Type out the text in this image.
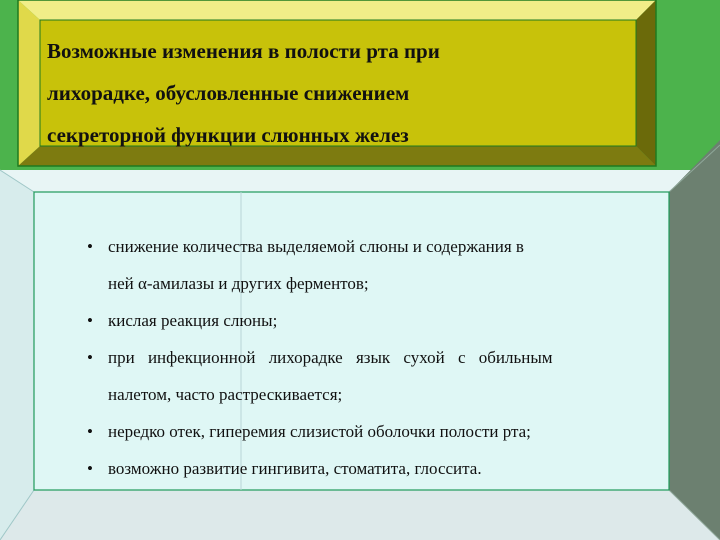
Возможные изменения в полости рта при
лихорадке, обусловленные снижением
секреторной функции слюнных желез
• снижение количества выделяемой слюны и содержания в
ней α-амилазы и других ферментов;
• кислая реакция слюны;
• при инфекционной лихорадке язык сухой с обильным
налетом, часто растрескивается;
• нередко отек, гиперемия слизистой оболочки полости рта;
• возможно развитие гингивита, стоматита, глоссита.
